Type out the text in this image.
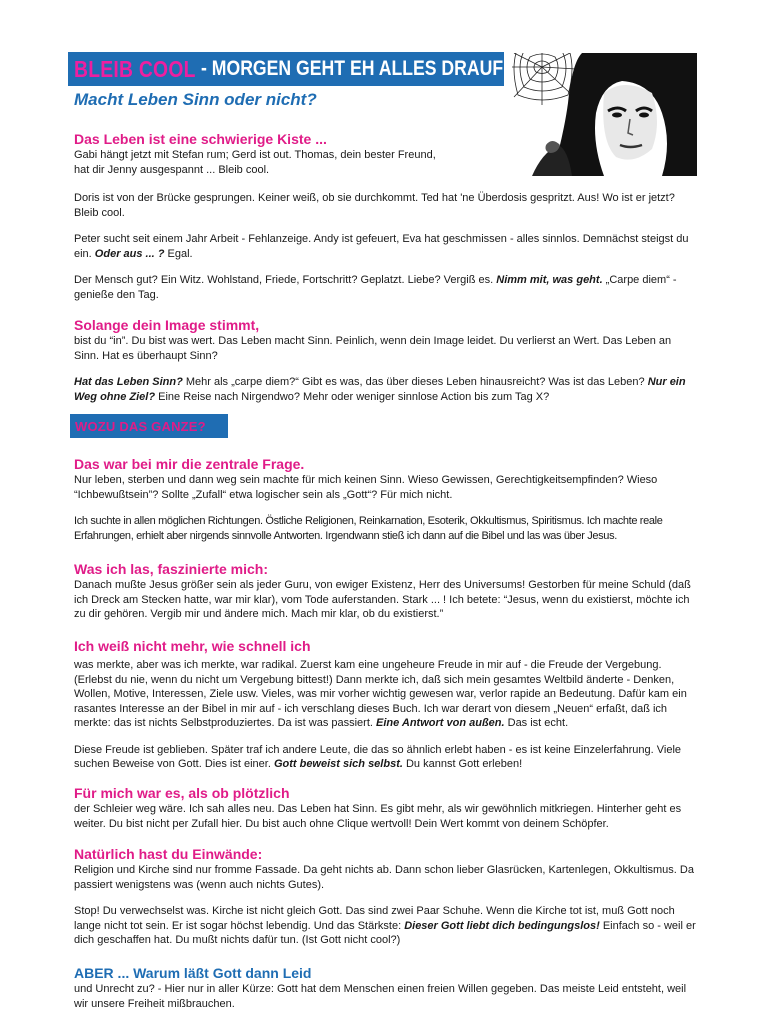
BLEIB COOL - MORGEN GEHT EH ALLES DRAUF
Macht Leben Sinn oder nicht?
Das Leben ist eine schwierige Kiste ...

Gabi hängt jetzt mit Stefan rum; Gerd ist out. Thomas, dein bester Freund,
hat dir Jenny ausgespannt ... Bleib cool.

Doris ist von der Brücke gesprungen. Keiner weiß, ob sie durchkommt. Ted hat 'ne Überdosis gespritzt. Aus! Wo ist er jetzt? Bleib cool.

Peter sucht seit einem Jahr Arbeit - Fehlanzeige. Andy ist gefeuert, Eva hat geschmissen - alles sinnlos. Demnächst steigst du ein. Oder aus ... ? Egal.

Der Mensch gut? Ein Witz. Wohlstand, Friede, Fortschritt? Geplatzt. Liebe? Vergiß es. Nimm mit, was geht. „Carpe diem“ - genieße den Tag.

Solange dein Image stimmt,

bist du “in”. Du bist was wert. Das Leben macht Sinn. Peinlich, wenn dein Image leidet. Du verlierst an Wert. Das Leben an Sinn. Hat es überhaupt Sinn?

Hat das Leben Sinn? Mehr als „carpe diem?“ Gibt es was, das über dieses Leben hinausreicht? Was ist das Leben? Nur ein Weg ohne Ziel? Eine Reise nach Nirgendwo? Mehr oder weniger sinnlose Action bis zum Tag X?

WOZU DAS GANZE?
Das war bei mir die zentrale Frage.

Nur leben, sterben und dann weg sein machte für mich keinen Sinn. Wieso Gewissen, Gerechtigkeitsempfinden? Wieso “Ichbewußtsein”? Sollte „Zufall“ etwa logischer sein als „Gott“? Für mich nicht.

Ich suchte in allen möglichen Richtungen. Östliche Religionen, Reinkarnation, Esoterik, Okkultismus, Spiritismus. Ich machte reale Erfahrungen, erhielt aber nirgends sinnvolle Antworten. Irgendwann stieß ich dann auf die Bibel und las was über Jesus.

Was ich las, faszinierte mich:

Danach mußte Jesus größer sein als jeder Guru, von ewiger Existenz, Herr des Universums! Gestorben für meine Schuld (daß ich Dreck am Stecken hatte, war mir klar), vom Tode auferstanden. Stark ... ! Ich betete: “Jesus, wenn du existierst, möchte ich zu dir gehören. Vergib mir und ändere mich. Mach mir klar, ob du existierst.”

Ich weiß nicht mehr, wie schnell ich

was merkte, aber was ich merkte, war radikal. Zuerst kam eine ungeheure Freude in mir auf - die Freude der Vergebung. (Erlebst du nie, wenn du nicht um Vergebung bittest!) Dann merkte ich, daß sich mein gesamtes Weltbild änderte - Denken, Wollen, Motive, Interessen, Ziele usw. Vieles, was mir vorher wichtig gewesen war, verlor rapide an Bedeutung. Dafür kam ein rasantes Interesse an der Bibel in mir auf - ich verschlang dieses Buch. Ich war derart von diesem „Neuen“ erfaßt, daß ich merkte: das ist nichts Selbstproduziertes. Da ist was passiert. Eine Antwort von außen. Das ist echt.

Diese Freude ist geblieben. Später traf ich andere Leute, die das so ähnlich erlebt haben - es ist keine Einzelerfahrung. Viele suchen Beweise von Gott. Dies ist einer. Gott beweist sich selbst. Du kannst Gott erleben!

Für mich war es, als ob plötzlich

der Schleier weg wäre. Ich sah alles neu. Das Leben hat Sinn. Es gibt mehr, als wir gewöhnlich mitkriegen. Hinterher geht es weiter. Du bist nicht per Zufall hier. Du bist auch ohne Clique wertvoll! Dein Wert kommt von deinem Schöpfer.

Natürlich hast du Einwände:

Religion und Kirche sind nur fromme Fassade. Da geht nichts ab. Dann schon lieber Glasrücken, Kartenlegen, Okkultismus. Da passiert wenigstens was (wenn auch nichts Gutes).

Stop! Du verwechselst was. Kirche ist nicht gleich Gott. Das sind zwei Paar Schuhe. Wenn die Kirche tot ist, muß Gott noch lange nicht tot sein. Er ist sogar höchst lebendig. Und das Stärkste: Dieser Gott liebt dich bedingungslos! Einfach so - weil er dich geschaffen hat. Du mußt nichts dafür tun. (Ist Gott nicht cool?)

ABER ... Warum läßt Gott dann Leid

und Unrecht zu? - Hier nur in aller Kürze: Gott hat dem Menschen einen freien Willen gegeben. Das meiste Leid entsteht, weil wir unsere Freiheit mißbrauchen.
